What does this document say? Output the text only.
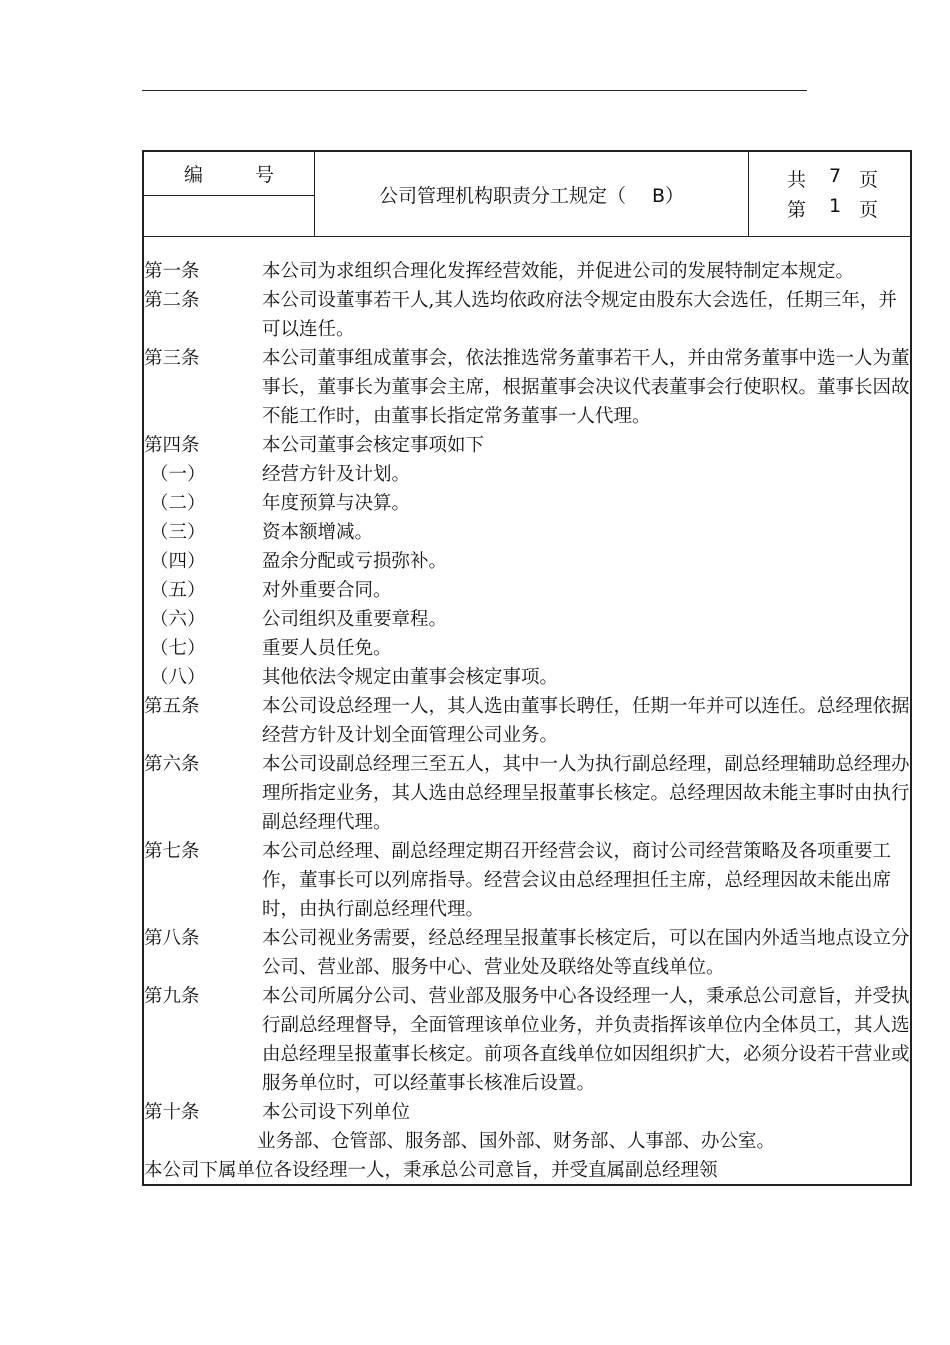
编	号
公司管理机构职责分工规定（ B）
共	7 页
第	1 页
第一条	本公司为求组织合理化发挥经营效能，并促进公司的发展特制定本规定。
第二条	本公司设董事若干人,其人选均依政府法令规定由股东大会选任，任期三年，并可以连任。
第三条	本公司董事组成董事会，依法推选常务董事若干人，并由常务董事中选一人为董事长，董事长为董事会主席，根据董事会决议代表董事会行使职权。董事长因故不能工作时，由董事长指定常务董事一人代理。
第四条	本公司董事会核定事项如下
（一）	经营方针及计划。
（二）	年度预算与决算。
（三）	资本额增减。
（四）	盈余分配或亏损弥补。
（五）	对外重要合同。
（六）	公司组织及重要章程。
（七）	重要人员任免。
（八）	其他依法令规定由董事会核定事项。
第五条	本公司设总经理一人，其人选由董事长聘任，任期一年并可以连任。总经理依据经营方针及计划全面管理公司业务。
第六条	本公司设副总经理三至五人，其中一人为执行副总经理，副总经理辅助总经理办理所指定业务，其人选由总经理呈报董事长核定。总经理因故未能主事时由执行副总经理代理。
第七条	本公司总经理、副总经理定期召开经营会议，商讨公司经营策略及各项重要工作，董事长可以列席指导。经营会议由总经理担任主席，总经理因故未能出席时，由执行副总经理代理。
第八条	本公司视业务需要，经总经理呈报董事长核定后，可以在国内外适当地点设立分公司、营业部、服务中心、营业处及联络处等直线单位。
第九条	本公司所属分公司、营业部及服务中心各设经理一人，秉承总公司意旨，并受执行副总经理督导，全面管理该单位业务，并负责指挥该单位内全体员工，其人选由总经理呈报董事长核定。前项各直线单位如因组织扩大，必须分设若干营业或服务单位时，可以经董事长核准后设置。
第十条	本公司设下列单位
业务部、仓管部、服务部、国外部、财务部、人事部、办公室。
本公司下属单位各设经理一人，秉承总公司意旨，并受直属副总经理领
